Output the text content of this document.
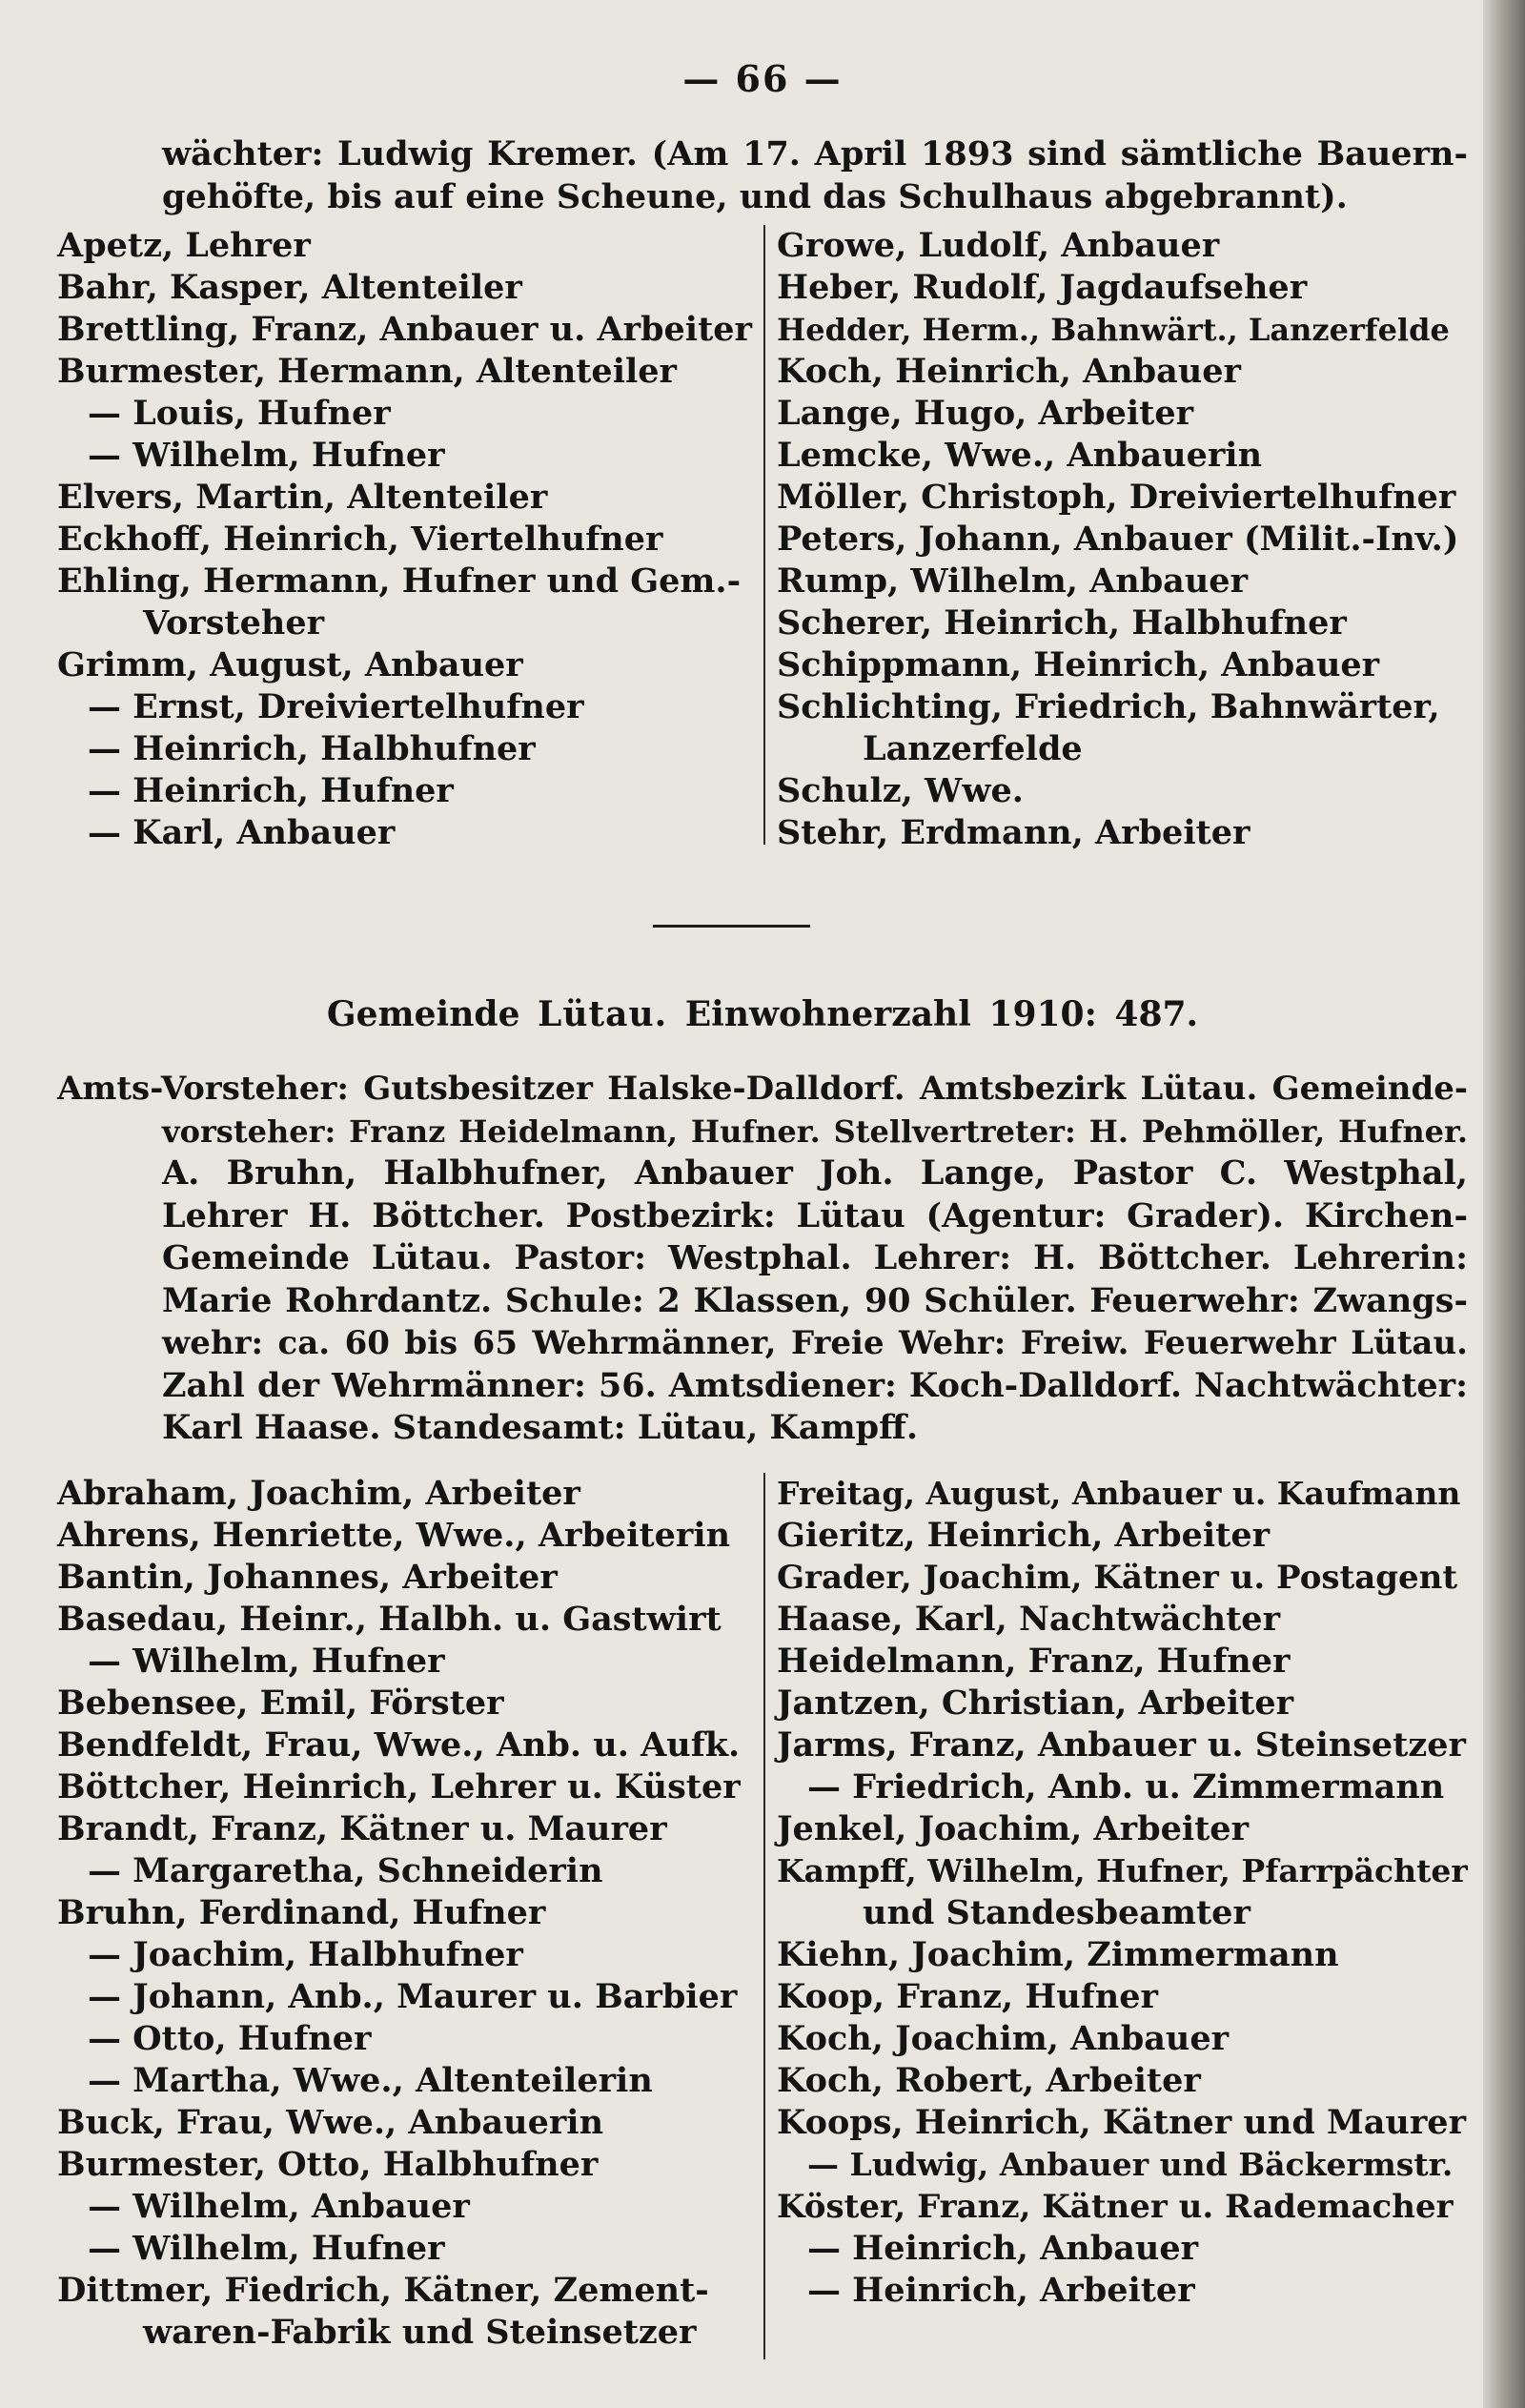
— 66 —
wächter: Ludwig Kremer. (Am 17. April 1893 sind sämtliche Bauern-
gehöfte, bis auf eine Scheune, und das Schulhaus abgebrannt).
Apetz, Lehrer
Bahr, Kasper, Altenteiler
Brettling, Franz, Anbauer u. Arbeiter
Burmester, Hermann, Altenteiler
— Louis, Hufner
— Wilhelm, Hufner
Elvers, Martin, Altenteiler
Eckhoff, Heinrich, Viertelhufner
Ehling, Hermann, Hufner und Gem.-
Vorsteher
Grimm, August, Anbauer
— Ernst, Dreiviertelhufner
— Heinrich, Halbhufner
— Heinrich, Hufner
— Karl, Anbauer
Growe, Ludolf, Anbauer
Heber, Rudolf, Jagdaufseher
Hedder, Herm., Bahnwärt., Lanzerfelde
Koch, Heinrich, Anbauer
Lange, Hugo, Arbeiter
Lemcke, Wwe., Anbauerin
Möller, Christoph, Dreiviertelhufner
Peters, Johann, Anbauer (Milit.-Inv.)
Rump, Wilhelm, Anbauer
Scherer, Heinrich, Halbhufner
Schippmann, Heinrich, Anbauer
Schlichting, Friedrich, Bahnwärter,
Lanzerfelde
Schulz, Wwe.
Stehr, Erdmann, Arbeiter
Gemeinde Lütau. Einwohnerzahl 1910: 487.
Amts-Vorsteher: Gutsbesitzer Halske-Dalldorf. Amtsbezirk Lütau. Gemeinde-
vorsteher: Franz Heidelmann, Hufner. Stellvertreter: H. Pehmöller, Hufner.
A. Bruhn, Halbhufner, Anbauer Joh. Lange, Pastor C. Westphal,
Lehrer H. Böttcher. Postbezirk: Lütau (Agentur: Grader). Kirchen-
Gemeinde Lütau. Pastor: Westphal. Lehrer: H. Böttcher. Lehrerin:
Marie Rohrdantz. Schule: 2 Klassen, 90 Schüler. Feuerwehr: Zwangs-
wehr: ca. 60 bis 65 Wehrmänner, Freie Wehr: Freiw. Feuerwehr Lütau.
Zahl der Wehrmänner: 56. Amtsdiener: Koch-Dalldorf. Nachtwächter:
Karl Haase. Standesamt: Lütau, Kampff.
Abraham, Joachim, Arbeiter
Ahrens, Henriette, Wwe., Arbeiterin
Bantin, Johannes, Arbeiter
Basedau, Heinr., Halbh. u. Gastwirt
— Wilhelm, Hufner
Bebensee, Emil, Förster
Bendfeldt, Frau, Wwe., Anb. u. Aufk.
Böttcher, Heinrich, Lehrer u. Küster
Brandt, Franz, Kätner u. Maurer
— Margaretha, Schneiderin
Bruhn, Ferdinand, Hufner
— Joachim, Halbhufner
— Johann, Anb., Maurer u. Barbier
— Otto, Hufner
— Martha, Wwe., Altenteilerin
Buck, Frau, Wwe., Anbauerin
Burmester, Otto, Halbhufner
— Wilhelm, Anbauer
— Wilhelm, Hufner
Dittmer, Fiedrich, Kätner, Zement-
waren-Fabrik und Steinsetzer
Freitag, August, Anbauer u. Kaufmann
Gieritz, Heinrich, Arbeiter
Grader, Joachim, Kätner u. Postagent
Haase, Karl, Nachtwächter
Heidelmann, Franz, Hufner
Jantzen, Christian, Arbeiter
Jarms, Franz, Anbauer u. Steinsetzer
— Friedrich, Anb. u. Zimmermann
Jenkel, Joachim, Arbeiter
Kampff, Wilhelm, Hufner, Pfarrpächter
und Standesbeamter
Kiehn, Joachim, Zimmermann
Koop, Franz, Hufner
Koch, Joachim, Anbauer
Koch, Robert, Arbeiter
Koops, Heinrich, Kätner und Maurer
— Ludwig, Anbauer und Bäckermstr.
Köster, Franz, Kätner u. Rademacher
— Heinrich, Anbauer
— Heinrich, Arbeiter
